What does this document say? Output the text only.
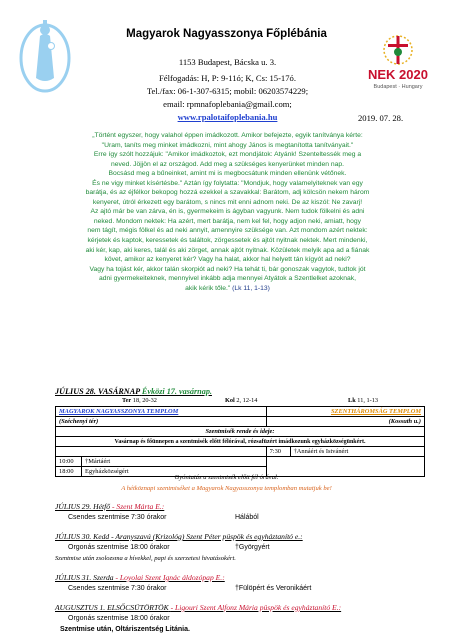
NEK 2020
Budapest · Hungary
Magyarok Nagyasszonya Főplébánia
1153 Budapest, Bácska u. 3.
Félfogadás: H, P: 9-11ó; K, Cs: 15-17ó.
Tel./fax: 06-1-307-6315; mobil: 06203574229;
email: rpmnafoplebania@gmail.com;
www.rpalotaifoplebania.hu	2019. 07. 28.
„Történt egyszer, hogy valahol éppen imádkozott. Amikor befejezte, egyik tanítványa kérte:
"Uram, taníts meg minket imádkozni, mint ahogy János is megtanította tanítványait."
Erre így szólt hozzájuk: "Amikor imádkoztok, ezt mondjátok: Atyánk! Szenteltessék meg a
neved. Jöjjön el az országod. Add meg a szükséges kenyerünket minden nap.
Bocsásd meg a bűneinket, amint mi is megbocsátunk minden ellenünk vétőnek.
És ne vigy minket kísértésbe." Aztán így folytatta: "Mondjuk, hogy valamelyiteknek van egy
barátja, és az éjfélkor bekopog hozzá ezekkel a szavakkal: Barátom, adj kölcsön nekem három
kenyeret, útról érkezett egy barátom, s nincs mit enni adnom neki. De az kiszól: Ne zavarj!
Az ajtó már be van zárva, én is, gyermekeim is ágyban vagyunk. Nem tudok fölkelni és adni
neked. Mondom nektek: Ha azért, mert barátja, nem kel fel, hogy adjon neki, amiatt, hogy
nem tágít, mégis fölkel és ad neki annyit, amennyire szüksége van. Azt mondom azért nektek:
kérjetek és kaptok, keressetek és találtok, zörgessetek és ajtót nyitnak nektek. Mert mindenki,
aki kér, kap, aki keres, talál és aki zörget, annak ajtót nyitnak. Közületek melyik apa ad a fiának
követ, amikor az kenyeret kér? Vagy ha halat, akkor hal helyett tán kígyót ad neki?
Vagy ha tojást kér, akkor talán skorpiót ad neki? Ha tehát ti, bár gonoszak vagytok, tudtok jót
adni gyermekeiteknek, mennyivel inkább adja mennyei Atyátok a Szentlelket azoknak,
akik kérik tőle." (Lk 11, 1-13)
JÚLIUS 28. VASÁRNAP Évközi 17. vasárnap.
Ter 18, 20-32	Kol 2, 12-14	Lk 11, 1-13
MAGYAROK NAGYASSZONYA TEMPLOM		SZENTHÁROMSÁG TEMPLOM	
(Széchenyi tér)		(Kossuth u.)	
Szentmisék rende és ideje:			
Vasárnap és főünnepen a szentmisék előtt félórával, rózsafüzért imádkozunk egyházközségünkért.			
		7:30	†Annáért és Istvánért
10:00	†Mártáért		
18:00	Egyházközségért		
Gyóntatás a szentmisék előtt fél órával.
A hétköznapi szentmiséket a Magyarok Nagyasszonya templomban mutatjuk be!
JÚLIUS 29. Hétfő - Szent Márta E.:
Csendes szentmise 7:30 órakor	Hálából
JÚLIUS 30. Kedd - Aranyszavú (Krizológ) Szent Péter püspök és egyháztanító e.:
Orgonás szentmise 18:00 órakor	†Györgyért
Szentmise után zsolozsma a hívekkel, papi és szerzetesi hivatásokért.
JÚLIUS 31. Szerda - Loyolai Szent Ignác áldozópap E.:
Csendes szentmise 7:30 órakor	†Fülöpért és Veronikáért
AUGUSZTUS 1. ELSŐCSÜTÖRTÖK - Ligouri Szent Alfonz Mária püspök és egyháztanító E.:
Orgonás szentmise 18:00 órakor
Szentmise után, Oltáriszentség Litánia.
